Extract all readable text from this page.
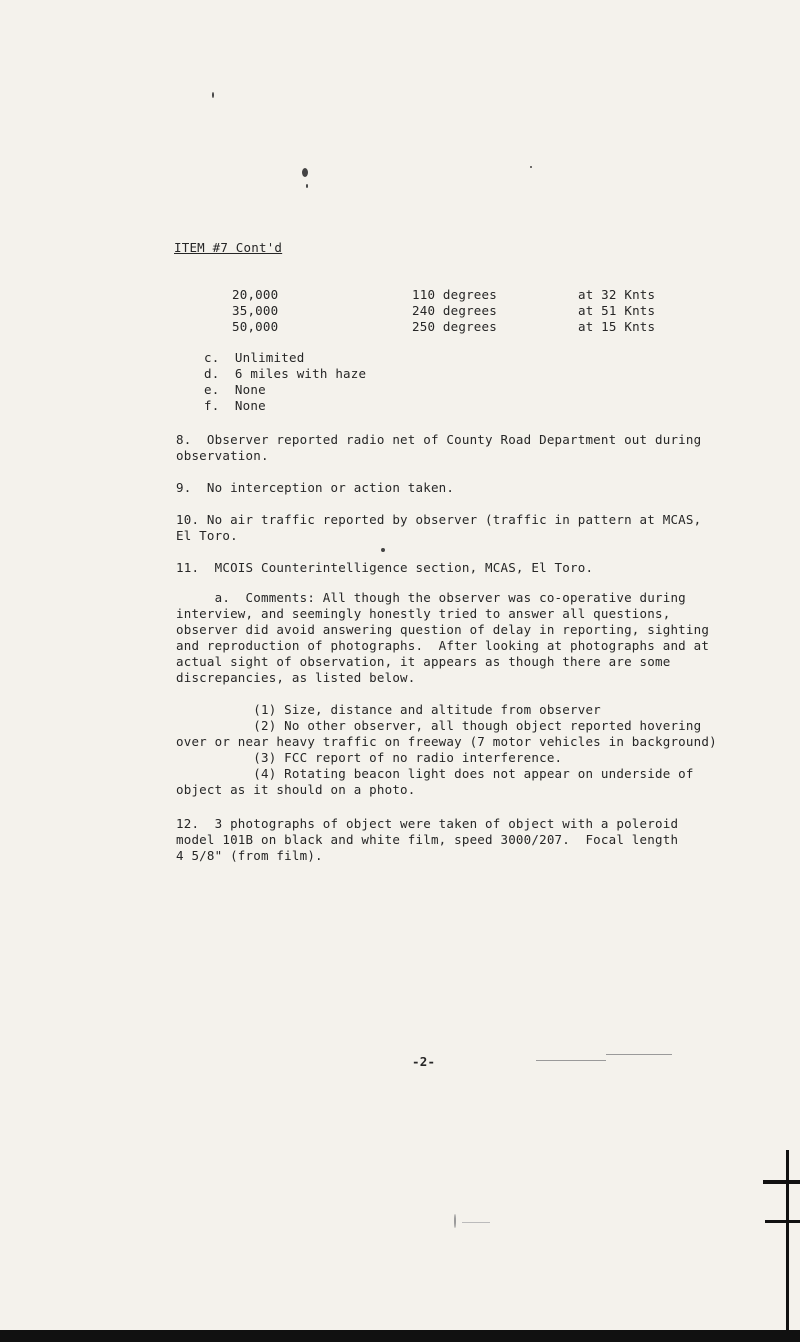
ITEM #7 Cont'd
20,000	110 degrees	at 32 Knts
35,000	240 degrees	at 51 Knts
50,000	250 degrees	at 15 Knts
c.  Unlimited
d.  6 miles with haze
e.  None
f.  None
8.  Observer reported radio net of County Road Department out during
observation.
9.  No interception or action taken.
10. No air traffic reported by observer (traffic in pattern at MCAS,
El Toro.
11.  MCOIS Counterintelligence section, MCAS, El Toro.
a.  Comments: All though the observer was co-operative during
interview, and seemingly honestly tried to answer all questions,
observer did avoid answering question of delay in reporting, sighting
and reproduction of photographs.  After looking at photographs and at
actual sight of observation, it appears as though there are some
discrepancies, as listed below.
(1) Size, distance and altitude from observer
(2) No other observer, all though object reported hovering
over or near heavy traffic on freeway (7 motor vehicles in background)
(3) FCC report of no radio interference.
(4) Rotating beacon light does not appear on underside of
object as it should on a photo.
12.  3 photographs of object were taken of object with a poleroid
model 101B on black and white film, speed 3000/207.  Focal length
4 5/8" (from film).
-2-
